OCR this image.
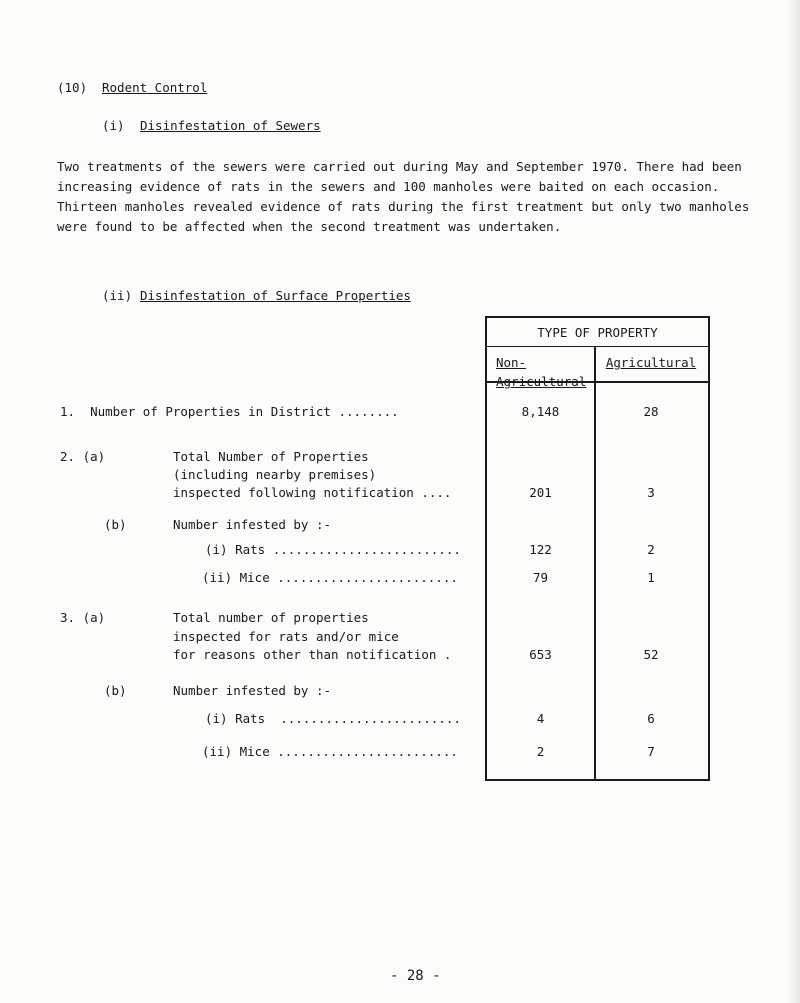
(10) Rodent Control
(i) Disinfestation of Sewers
Two treatments of the sewers were carried out during May and September 1970. There had been increasing evidence of rats in the sewers and 100 manholes were baited on each occasion. Thirteen manholes revealed evidence of rats during the first treatment but only two manholes were found to be affected when the second treatment was undertaken.
(ii) Disinfestation of Surface Properties
TYPE OF PROPERTY
Non-
Agricultural
Agricultural
1.  Number of Properties in District ........	8,148	28
2. (a)	Total Number of Properties
(including nearby premises)
inspected following notification ....	201	3
(b)	Number infested by :-
(i) Rats .........................	122	2
(ii) Mice ........................	79	1
3. (a)	Total number of properties
inspected for rats and/or mice
for reasons other than notification .	653	52
(b)	Number infested by :-
(i) Rats  ........................	4	6
(ii) Mice ........................	2	7
- 28 -
